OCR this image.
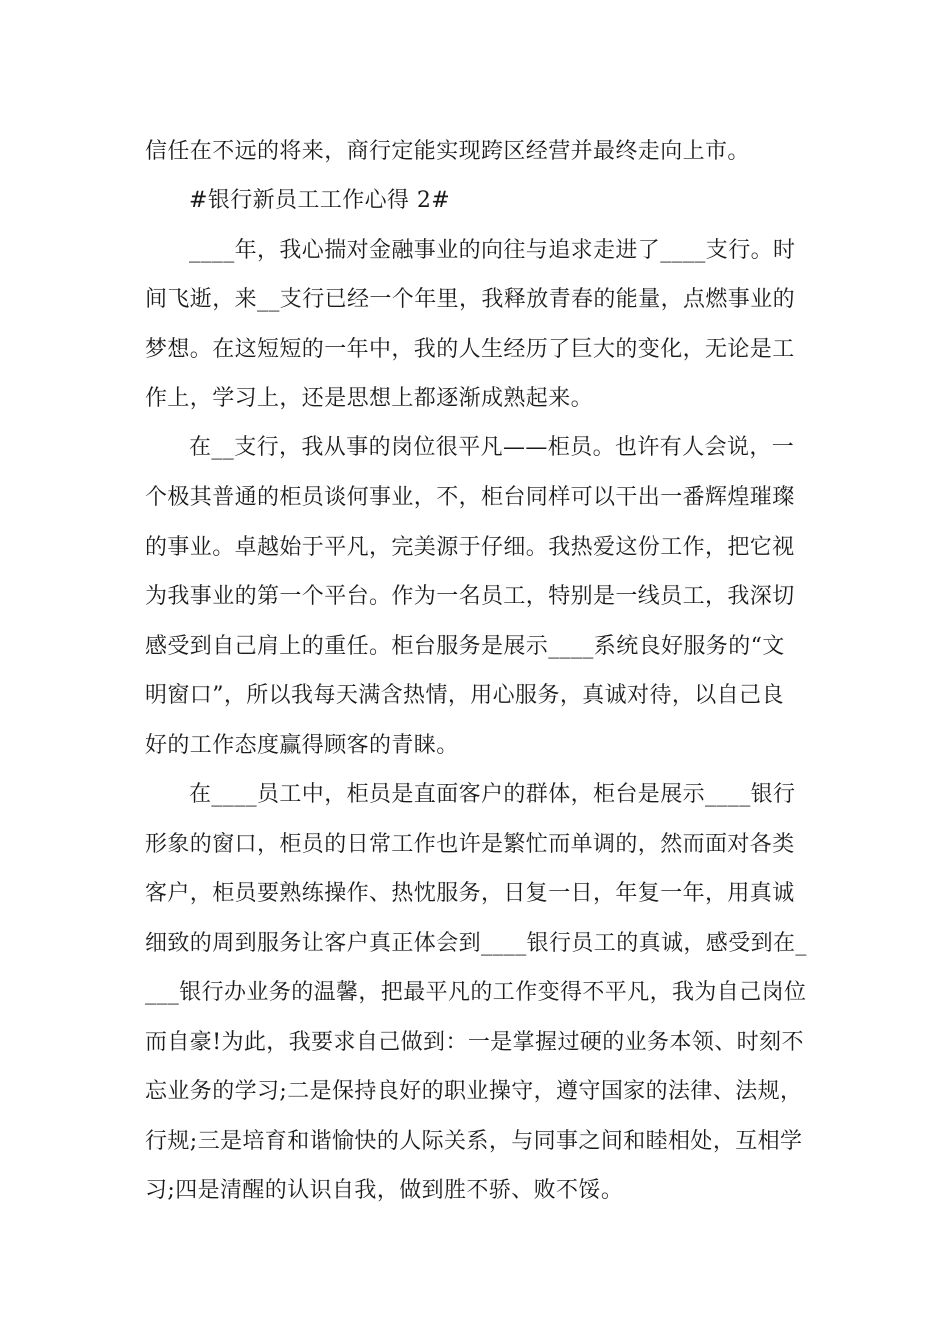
信任在不远的将来，商行定能实现跨区经营并最终走向上市。
#银行新员工工作心得 2#
____年，我心揣对金融事业的向往与追求走进了____支行。时
间飞逝，来__支行已经一个年里，我释放青春的能量，点燃事业的
梦想。在这短短的一年中，我的人生经历了巨大的变化，无论是工
作上，学习上，还是思想上都逐渐成熟起来。
在__支行，我从事的岗位很平凡——柜员。也许有人会说，一
个极其普通的柜员谈何事业，不，柜台同样可以干出一番辉煌璀璨
的事业。卓越始于平凡，完美源于仔细。我热爱这份工作，把它视
为我事业的第一个平台。作为一名员工，特别是一线员工，我深切
感受到自己肩上的重任。柜台服务是展示____系统良好服务的“文
明窗口”，所以我每天满含热情，用心服务，真诚对待，以自己良
好的工作态度赢得顾客的青睐。
在____员工中，柜员是直面客户的群体，柜台是展示____银行
形象的窗口，柜员的日常工作也许是繁忙而单调的，然而面对各类
客户，柜员要熟练操作、热忱服务，日复一日，年复一年，用真诚
细致的周到服务让客户真正体会到____银行员工的真诚，感受到在_
___银行办业务的温馨，把最平凡的工作变得不平凡，我为自己岗位
而自豪!为此，我要求自己做到：一是掌握过硬的业务本领、时刻不
忘业务的学习;二是保持良好的职业操守，遵守国家的法律、法规，
行规;三是培育和谐愉快的人际关系，与同事之间和睦相处，互相学
习;四是清醒的认识自我，做到胜不骄、败不馁。
